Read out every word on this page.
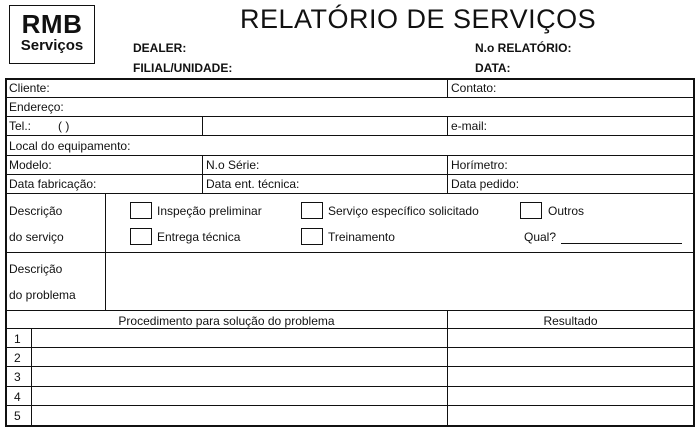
RMB
Serviços
RELATÓRIO DE SERVIÇOS
DEALER:
FILIAL/UNIDADE:
N.o RELATÓRIO:
DATA:
Cliente:	Contato:
Endereço:
Tel.: ( )	e-mail:
Local do equipamento:
Modelo:	N.o Série:	Horímetro:
Data fabricação:	Data ent. técnica:	Data pedido:
Descrição
do serviço
Inspeção preliminar	Serviço específico solicitado	Outros
Entrega técnica	Treinamento	Qual?
Descrição
do problema
Procedimento para solução do problema	Resultado
1
2
3
4
5
